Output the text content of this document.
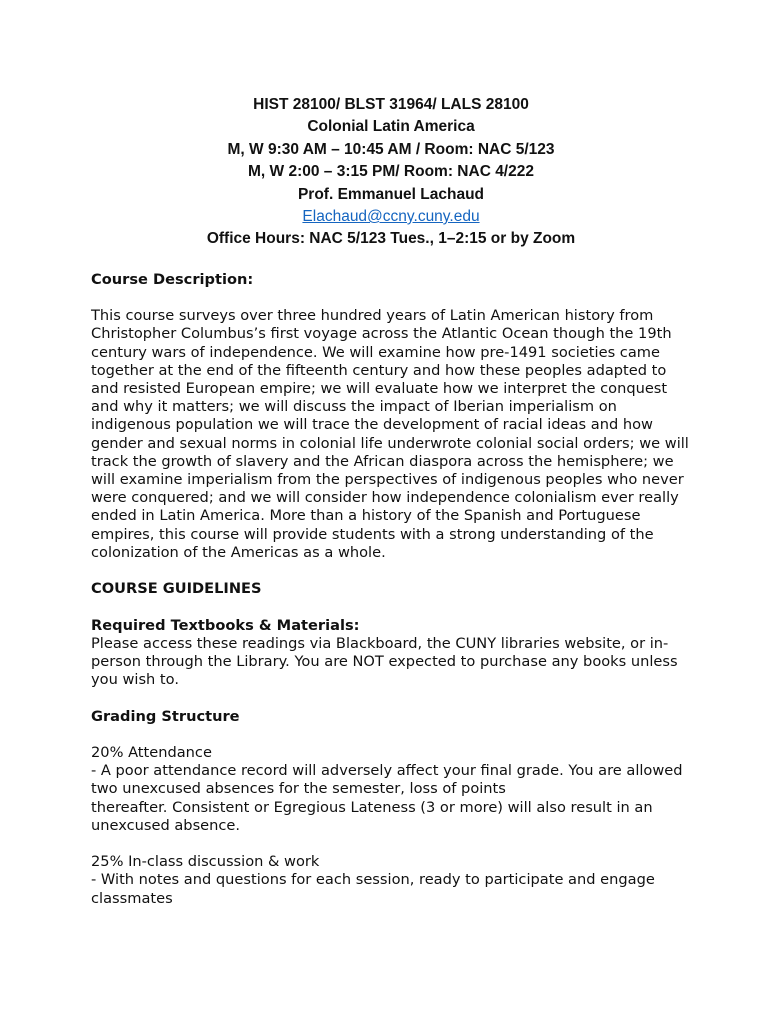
HIST 28100/ BLST 31964/ LALS 28100
Colonial Latin America
M, W 9:30 AM – 10:45 AM / Room: NAC 5/123
M, W 2:00 – 3:15 PM/ Room: NAC 4/222
Prof. Emmanuel Lachaud
Elachaud@ccny.cuny.edu
Office Hours: NAC 5/123 Tues., 1–2:15 or by Zoom

Course Description:

This course surveys over three hundred years of Latin American history from Christopher Columbus’s first voyage across the Atlantic Ocean though the 19th century wars of independence. We will examine how pre-1491 societies came together at the end of the fifteenth century and how these peoples adapted to and resisted European empire; we will evaluate how we interpret the conquest and why it matters; we will discuss the impact of Iberian imperialism on indigenous population we will trace the development of racial ideas and how gender and sexual norms in colonial life underwrote colonial social orders; we will track the growth of slavery and the African diaspora across the hemisphere; we will examine imperialism from the perspectives of indigenous peoples who never were conquered; and we will consider how independence colonialism ever really ended in Latin America. More than a history of the Spanish and Portuguese empires, this course will provide students with a strong understanding of the colonization of the Americas as a whole.

COURSE GUIDELINES

Required Textbooks & Materials:

Please access these readings via Blackboard, the CUNY libraries website, or in-person through the Library. You are NOT expected to purchase any books unless you wish to.

Grading Structure

20% Attendance

- A poor attendance record will adversely affect your final grade. You are allowed two unexcused absences for the semester, loss of points

thereafter. Consistent or Egregious Lateness (3 or more) will also result in an unexcused absence.

25% In-class discussion & work

- With notes and questions for each session, ready to participate and engage classmates
